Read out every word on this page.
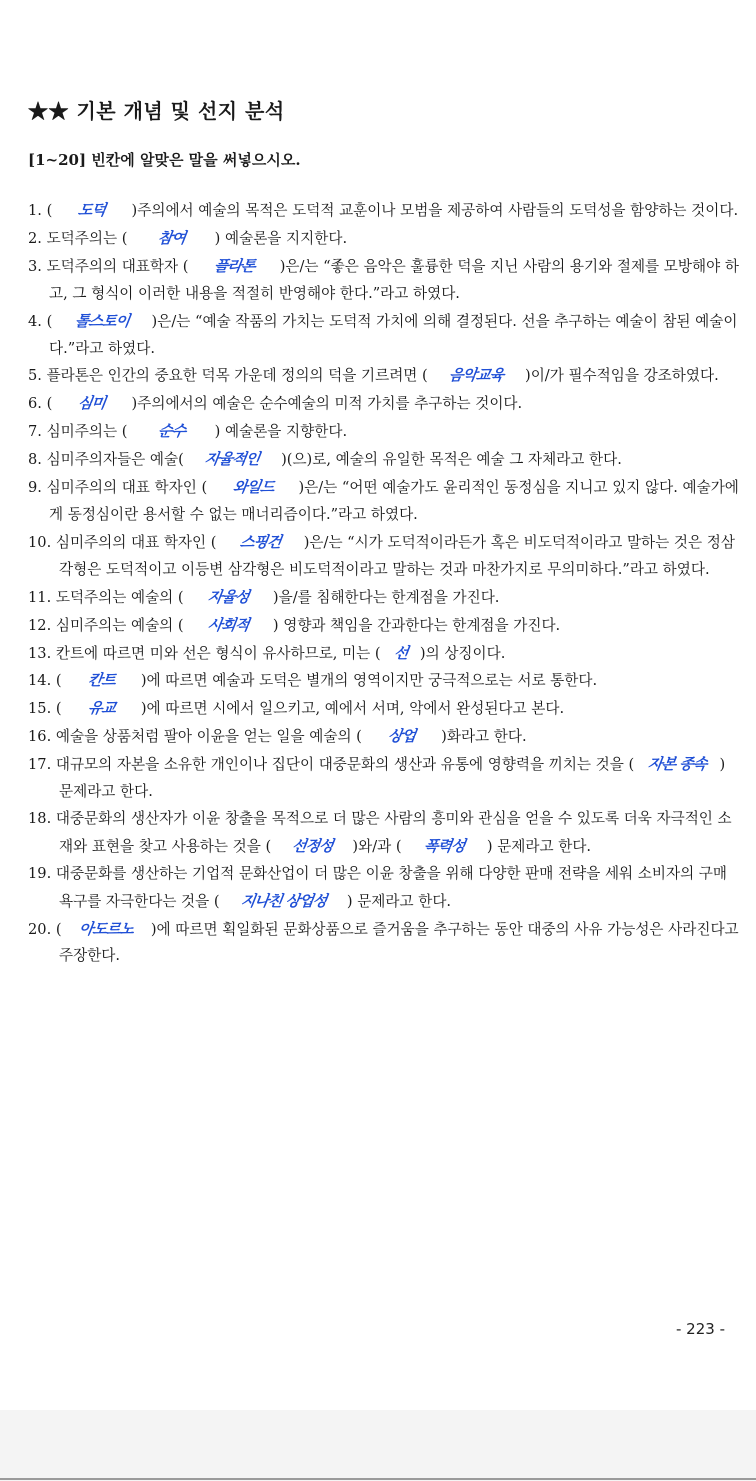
★★ 기본 개념 및 선지 분석
[1~20] 빈칸에 알맞은 말을 써넣으시오.
1. ( 도덕 )주의에서 예술의 목적은 도덕적 교훈이나 모범을 제공하여 사람들의 도덕성을 함양하는 것이다.
2. 도덕주의는 ( 참여 ) 예술론을 지지한다.
3. 도덕주의의 대표학자 ( 플라톤 )은/는 “좋은 음악은 훌륭한 덕을 지닌 사람의 용기와 절제를 모방해야 하고, 그 형식이 이러한 내용을 적절히 반영해야 한다.”라고 하였다.
4. ( 톨스토이 )은/는 “예술 작품의 가치는 도덕적 가치에 의해 결정된다. 선을 추구하는 예술이 참된 예술이다.”라고 하였다.
5. 플라톤은 인간의 중요한 덕목 가운데 정의의 덕을 기르려면 ( 음악교육 )이/가 필수적임을 강조하였다.
6. ( 심미 )주의에서의 예술은 순수예술의 미적 가치를 추구하는 것이다.
7. 심미주의는 ( 순수 ) 예술론을 지향한다.
8. 심미주의자들은 예술( 자율적인 )(으)로, 예술의 유일한 목적은 예술 그 자체라고 한다.
9. 심미주의의 대표 학자인 ( 와일드 )은/는 “어떤 예술가도 윤리적인 동정심을 지니고 있지 않다. 예술가에게 동정심이란 용서할 수 없는 매너리즘이다.”라고 하였다.
10. 심미주의의 대표 학자인 ( 스핑건 )은/는 “시가 도덕적이라든가 혹은 비도덕적이라고 말하는 것은 정삼각형은 도덕적이고 이등변 삼각형은 비도덕적이라고 말하는 것과 마찬가지로 무의미하다.”라고 하였다.
11. 도덕주의는 예술의 ( 자율성 )을/를 침해한다는 한계점을 가진다.
12. 심미주의는 예술의 ( 사회적 ) 영향과 책임을 간과한다는 한계점을 가진다.
13. 칸트에 따르면 미와 선은 형식이 유사하므로, 미는 ( 선 )의 상징이다.
14. ( 칸트 )에 따르면 예술과 도덕은 별개의 영역이지만 궁극적으로는 서로 통한다.
15. ( 유교 )에 따르면 시에서 일으키고, 예에서 서며, 악에서 완성된다고 본다.
16. 예술을 상품처럼 팔아 이윤을 얻는 일을 예술의 ( 상업 )화라고 한다.
17. 대규모의 자본을 소유한 개인이나 집단이 대중문화의 생산과 유통에 영향력을 끼치는 것을 ( 자본 종속 ) 문제라고 한다.
18. 대중문화의 생산자가 이윤 창출을 목적으로 더 많은 사람의 흥미와 관심을 얻을 수 있도록 더욱 자극적인 소재와 표현을 찾고 사용하는 것을 ( 선정성 )와/과 ( 폭력성 ) 문제라고 한다.
19. 대중문화를 생산하는 기업적 문화산업이 더 많은 이윤 창출을 위해 다양한 판매 전략을 세워 소비자의 구매 욕구를 자극한다는 것을 ( 지나친 상업성 ) 문제라고 한다.
20. ( 아도르노 )에 따르면 획일화된 문화상품으로 즐거움을 추구하는 동안 대중의 사유 가능성은 사라진다고 주장한다.
- 223 -
